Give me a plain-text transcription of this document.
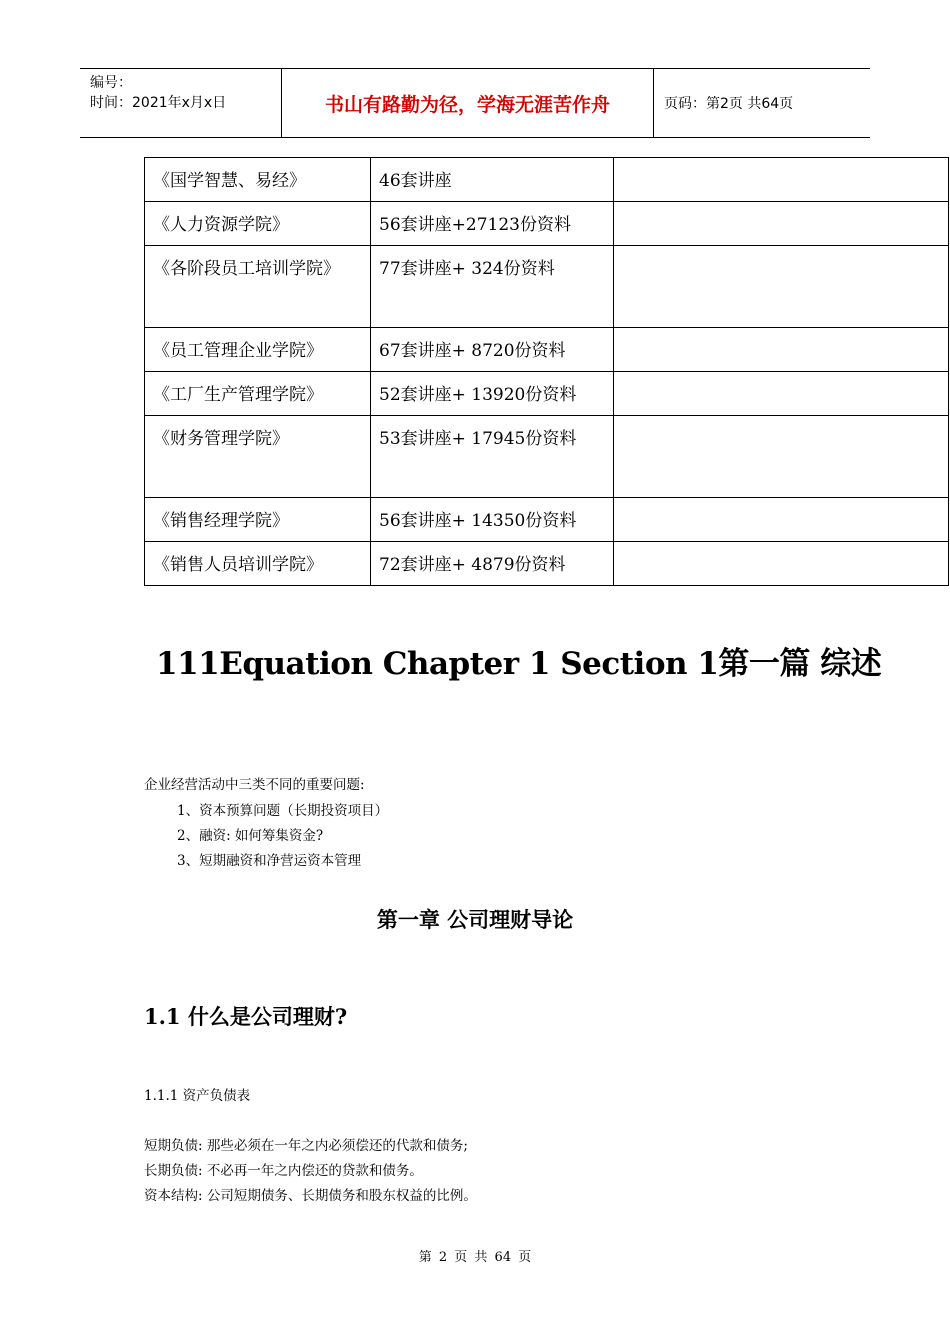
编号：
时间：2021年x月x日	书山有路勤为径，学海无涯苦作舟	页码：第2页 共64页
《国学智慧、易经》	46套讲座	
《人力资源学院》	56套讲座+27123份资料	
《各阶段员工培训学院》	77套讲座+ 324份资料	
《员工管理企业学院》	67套讲座+ 8720份资料	
《工厂生产管理学院》	52套讲座+ 13920份资料	
《财务管理学院》	53套讲座+ 17945份资料	
《销售经理学院》	56套讲座+ 14350份资料	
《销售人员培训学院》	72套讲座+ 4879份资料	
111Equation Chapter 1 Section 1第一篇 综述
企业经营活动中三类不同的重要问题:
1、资本预算问题（长期投资项目）
2、融资: 如何筹集资金?
3、短期融资和净营运资本管理
第一章 公司理财导论
1.1 什么是公司理财?
1.1.1 资产负债表
短期负债: 那些必须在一年之内必须偿还的代款和债务;
长期负债: 不必再一年之内偿还的贷款和债务。
资本结构: 公司短期债务、长期债务和股东权益的比例。
第 2 页 共 64 页
